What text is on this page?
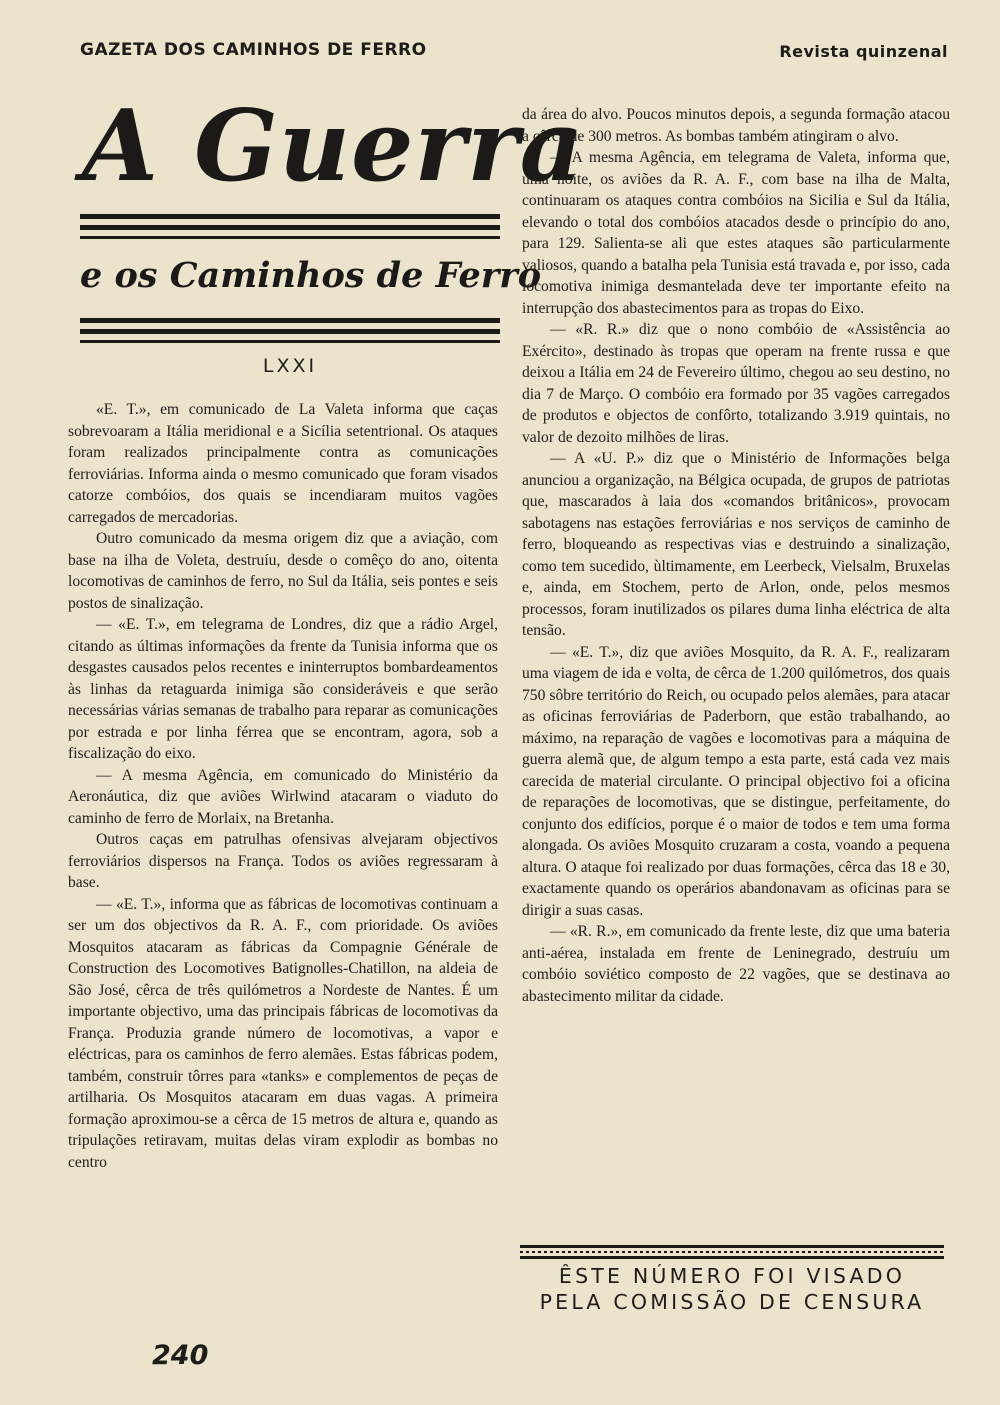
GAZETA DOS CAMINHOS DE FERRO	Revista quinzenal
A Guerra
e os Caminhos de Ferro
LXXI

«E. T.», em comunicado de La Valeta informa que caças sobrevoaram a Itália meridional e a Sicília setentrional. Os ataques foram realizados principalmente contra as comunicações ferroviárias. Informa ainda o mesmo comunicado que foram visados catorze combóios, dos quais se incendiaram muitos vagões carregados de mercadorias.

Outro comunicado da mesma origem diz que a aviação, com base na ilha de Voleta, destruíu, desde o comêço do ano, oitenta locomotivas de caminhos de ferro, no Sul da Itália, seis pontes e seis postos de sinalização.

— «E. T.», em telegrama de Londres, diz que a rádio Argel, citando as últimas informações da frente da Tunisia informa que os desgastes causados pelos recentes e ininterruptos bombardeamentos às linhas da retaguarda inimiga são consideráveis e que serão necessárias várias semanas de trabalho para reparar as comunicações por estrada e por linha férrea que se encontram, agora, sob a fiscalização do eixo.

— A mesma Agência, em comunicado do Ministério da Aeronáutica, diz que aviões Wirlwind atacaram o viaduto do caminho de ferro de Morlaix, na Bretanha.

Outros caças em patrulhas ofensivas alvejaram objectivos ferroviários dispersos na França. Todos os aviões regressaram à base.

— «E. T.», informa que as fábricas de locomotivas continuam a ser um dos objectivos da R. A. F., com prioridade. Os aviões Mosquitos atacaram as fábricas da Compagnie Générale de Construction des Locomotives Batignolles-Chatillon, na aldeia de São José, cêrca de três quilómetros a Nordeste de Nantes. É um importante objectivo, uma das principais fábricas de locomotivas da França. Produzia grande número de locomotivas, a vapor e eléctricas, para os caminhos de ferro alemães. Estas fábricas podem, também, construir tôrres para «tanks» e complementos de peças de artilharia. Os Mosquitos atacaram em duas vagas. A primeira formação aproximou-se a cêrca de 15 metros de altura e, quando as tripulações retiravam, muitas delas viram explodir as bombas no centro

da área do alvo. Poucos minutos depois, a segunda formação atacou a cêrca de 300 metros. As bombas também atingiram o alvo.

— A mesma Agência, em telegrama de Valeta, informa que, uma noite, os aviões da R. A. F., com base na ilha de Malta, continuaram os ataques contra combóios na Sicilia e Sul da Itália, elevando o total dos combóios atacados desde o princípio do ano, para 129. Salienta-se ali que estes ataques são particularmente valiosos, quando a batalha pela Tunisia está travada e, por isso, cada locomotiva inimiga desmantelada deve ter importante efeito na interrupção dos abastecimentos para as tropas do Eixo.

— «R. R.» diz que o nono combóio de «Assistência ao Exército», destinado às tropas que operam na frente russa e que deixou a Itália em 24 de Fevereiro último, chegou ao seu destino, no dia 7 de Março. O combóio era formado por 35 vagões carregados de produtos e objectos de confôrto, totalizando 3.919 quintais, no valor de dezoito milhões de liras.

— A «U. P.» diz que o Ministério de Informações belga anunciou a organização, na Bélgica ocupada, de grupos de patriotas que, mascarados à laia dos «comandos britânicos», provocam sabotagens nas estações ferroviárias e nos serviços de caminho de ferro, bloqueando as respectivas vias e destruindo a sinalização, como tem sucedido, ùltimamente, em Leerbeck, Vielsalm, Bruxelas e, ainda, em Stochem, perto de Arlon, onde, pelos mesmos processos, foram inutilizados os pilares duma linha eléctrica de alta tensão.

— «E. T.», diz que aviões Mosquito, da R. A. F., realizaram uma viagem de ida e volta, de cêrca de 1.200 quilómetros, dos quais 750 sôbre território do Reich, ou ocupado pelos alemães, para atacar as oficinas ferroviárias de Paderborn, que estão trabalhando, ao máximo, na reparação de vagões e locomotivas para a máquina de guerra alemã que, de algum tempo a esta parte, está cada vez mais carecida de material circulante. O principal objectivo foi a oficina de reparações de locomotivas, que se distingue, perfeitamente, do conjunto dos edifícios, porque é o maior de todos e tem uma forma alongada. Os aviões Mosquito cruzaram a costa, voando a pequena altura. O ataque foi realizado por duas formações, cêrca das 18 e 30, exactamente quando os operários abandonavam as oficinas para se dirigir a suas casas.

— «R. R.», em comunicado da frente leste, diz que uma bateria anti-aérea, instalada em frente de Leninegrado, destruíu um combóio soviético composto de 22 vagões, que se destinava ao abastecimento militar da cidade.

ÊSTE NÚMERO FOI VISADO
PELA COMISSÃO DE CENSURA
240
